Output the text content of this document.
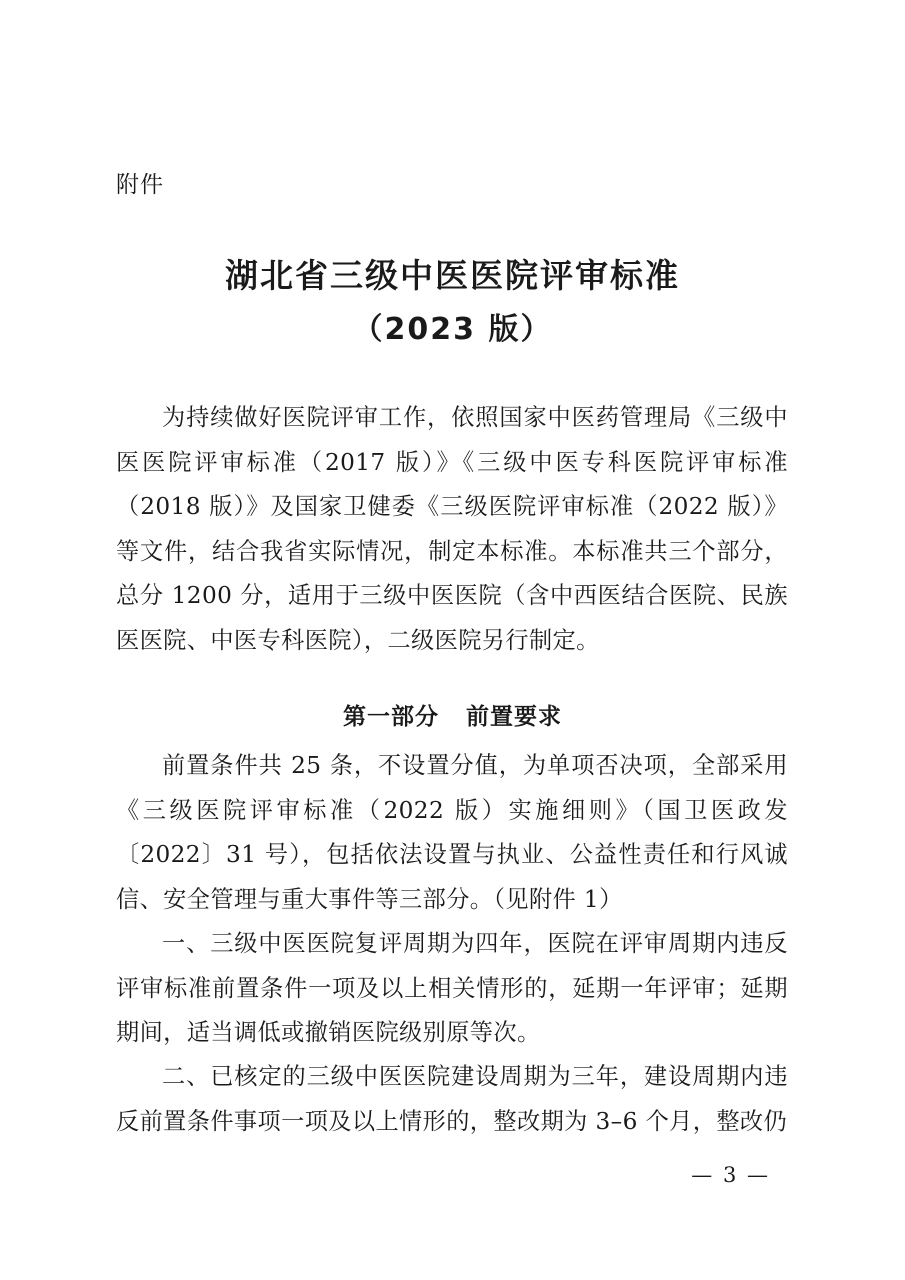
附件
湖北省三级中医医院评审标准
（2023 版）

为持续做好医院评审工作，依照国家中医药管理局《三级中医医院评审标准（2017 版）》《三级中医专科医院评审标准（2018 版）》及国家卫健委《三级医院评审标准（2022 版）》等文件，结合我省实际情况，制定本标准。本标准共三个部分，总分 1200 分，适用于三级中医医院（含中西医结合医院、民族医医院、中医专科医院），二级医院另行制定。

第一部分   前置要求

前置条件共 25 条，不设置分值，为单项否决项，全部采用《三级医院评审标准（2022 版）实施细则》（国卫医政发〔2022〕31 号），包括依法设置与执业、公益性责任和行风诚信、安全管理与重大事件等三部分。（见附件 1）

一、三级中医医院复评周期为四年，医院在评审周期内违反评审标准前置条件一项及以上相关情形的，延期一年评审；延期期间，适当调低或撤销医院级别原等次。

二、已核定的三级中医医院建设周期为三年，建设周期内违反前置条件事项一项及以上情形的，整改期为 3–6 个月，整改仍

— 3 —
